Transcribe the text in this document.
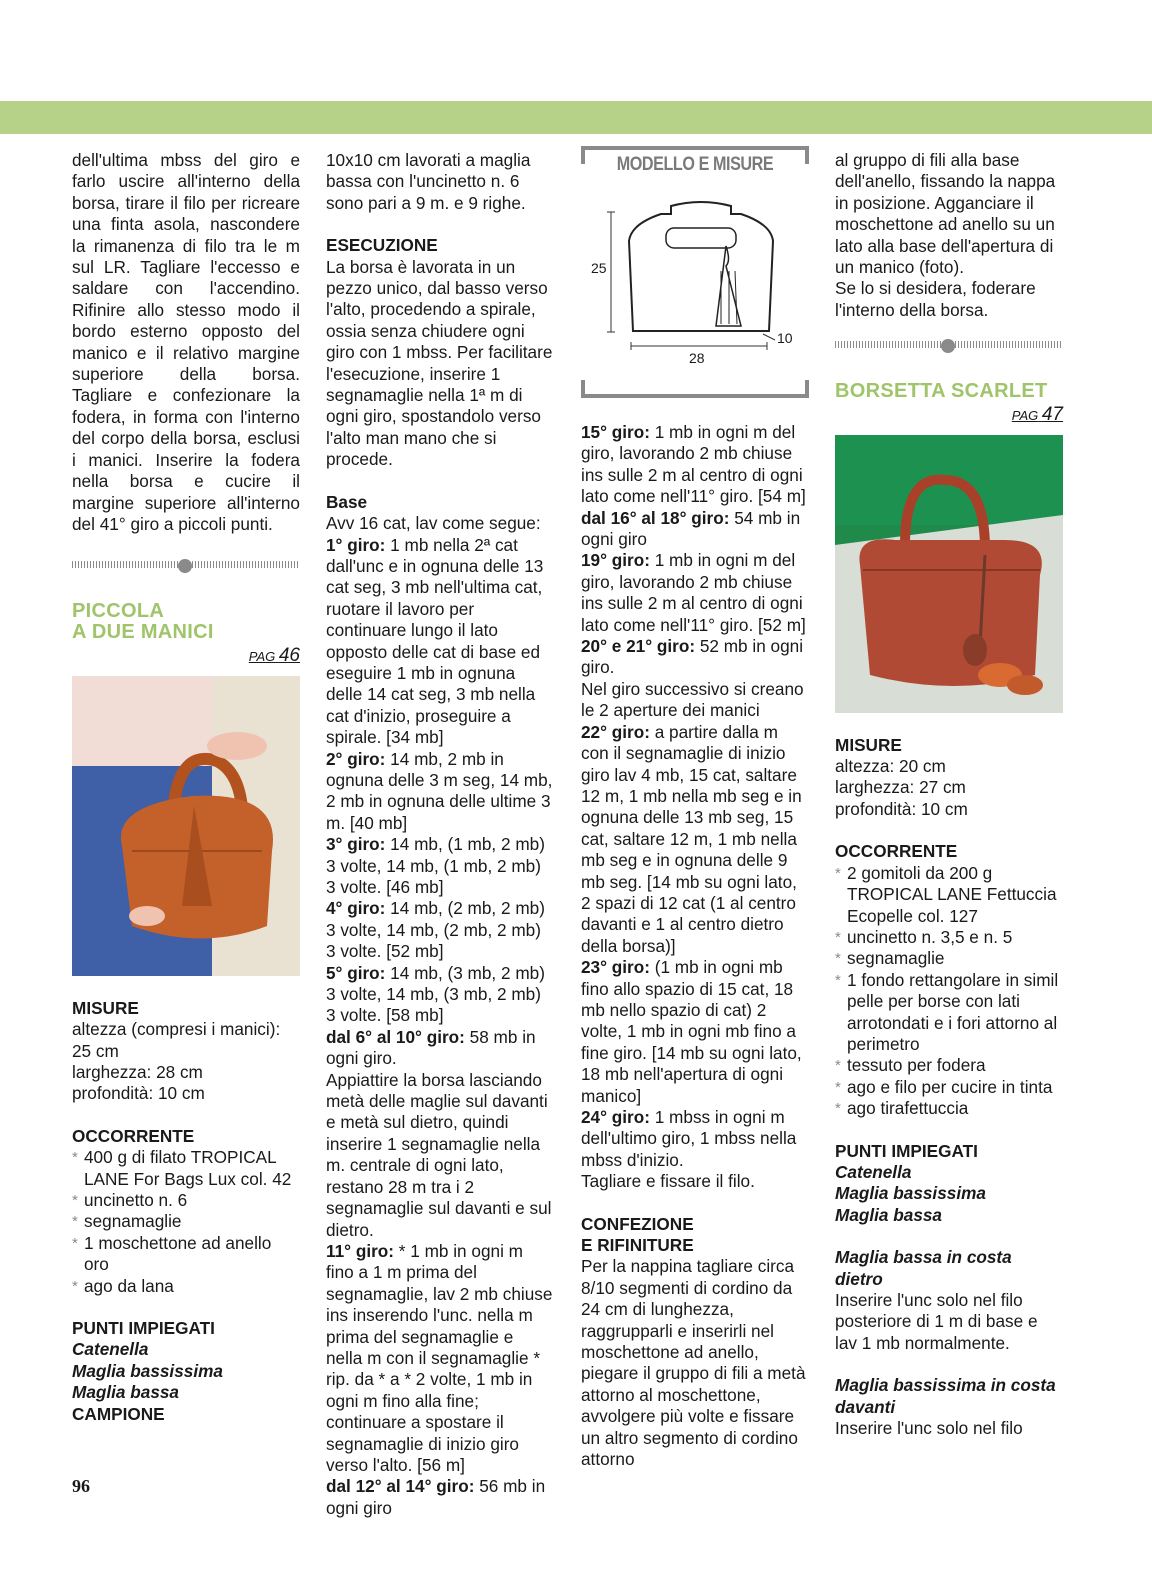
dell'ultima mbss del giro e farlo uscire all'interno della borsa, tirare il filo per ricreare una finta asola, nascondere la rimanenza di filo tra le m sul LR. Tagliare l'eccesso e saldare con l'accendino. Rifinire allo stesso modo il bordo esterno opposto del manico e il relativo margine superiore della borsa. Tagliare e confezionare la fodera, in forma con l'interno del corpo della borsa, esclusi i manici. Inserire la fodera nella borsa e cucire il margine superiore all'interno del 41° giro a piccoli punti.

PICCOLA
A DUE MANICI
PAG 46
MISURE

altezza (compresi i manici): 25 cm

larghezza: 28 cm

profondità: 10 cm

OCCORRENTE
* 400 g di filato TROPICAL LANE For Bags Lux col. 42
* uncinetto n. 6
* segnamaglie
* 1 moschettone ad anello oro
* ago da lana
PUNTI IMPIEGATI

Catenella

Maglia bassissima

Maglia bassa

CAMPIONE

10x10 cm lavorati a maglia bassa con l'uncinetto n. 6 sono pari a 9 m. e 9 righe.

ESECUZIONE

La borsa è lavorata in un pezzo unico, dal basso verso l'alto, procedendo a spirale, ossia senza chiudere ogni giro con 1 mbss. Per facilitare l'esecuzione, inserire 1 segnamaglie nella 1ª m di ogni giro, spostandolo verso l'alto man mano che si procede.

Base

Avv 16 cat, lav come segue:

1° giro: 1 mb nella 2ª cat dall'unc e in ognuna delle 13 cat seg, 3 mb nell'ultima cat, ruotare il lavoro per continuare lungo il lato opposto delle cat di base ed eseguire 1 mb in ognuna delle 14 cat seg, 3 mb nella cat d'inizio, proseguire a spirale. [34 mb]

2° giro: 14 mb, 2 mb in ognuna delle 3 m seg, 14 mb, 2 mb in ognuna delle ultime 3 m. [40 mb]

3° giro: 14 mb, (1 mb, 2 mb) 3 volte, 14 mb, (1 mb, 2 mb) 3 volte. [46 mb]

4° giro: 14 mb, (2 mb, 2 mb) 3 volte, 14 mb, (2 mb, 2 mb) 3 volte. [52 mb]

5° giro: 14 mb, (3 mb, 2 mb) 3 volte, 14 mb, (3 mb, 2 mb) 3 volte. [58 mb]

dal 6° al 10° giro: 58 mb in ogni giro.

Appiattire la borsa lasciando metà delle maglie sul davanti e metà sul dietro, quindi inserire 1 segnamaglie nella m. centrale di ogni lato, restano 28 m tra i 2 segnamaglie sul davanti e sul dietro.

11° giro: * 1 mb in ogni m fino a 1 m prima del segnamaglie, lav 2 mb chiuse ins inserendo l'unc. nella m prima del segnamaglie e nella m con il segnamaglie * rip. da * a * 2 volte, 1 mb in ogni m fino alla fine; continuare a spostare il segnamaglie di inizio giro verso l'alto. [56 m]

dal 12° al 14° giro: 56 mb in ogni giro

MODELLO E MISURE
25
28
10

15° giro: 1 mb in ogni m del giro, lavorando 2 mb chiuse ins sulle 2 m al centro di ogni lato come nell'11° giro. [54 m]

dal 16° al 18° giro: 54 mb in ogni giro

19° giro: 1 mb in ogni m del giro, lavorando 2 mb chiuse ins sulle 2 m al centro di ogni lato come nell'11° giro. [52 m]

20° e 21° giro: 52 mb in ogni giro.

Nel giro successivo si creano le 2 aperture dei manici

22° giro: a partire dalla m con il segnamaglie di inizio giro lav 4 mb, 15 cat, saltare 12 m, 1 mb nella mb seg e in ognuna delle 13 mb seg, 15 cat, saltare 12 m, 1 mb nella mb seg e in ognuna delle 9 mb seg. [14 mb su ogni lato, 2 spazi di 12 cat (1 al centro davanti e 1 al centro dietro della borsa)]

23° giro: (1 mb in ogni mb fino allo spazio di 15 cat, 18 mb nello spazio di cat) 2 volte, 1 mb in ogni mb fino a fine giro. [14 mb su ogni lato, 18 mb nell'apertura di ogni manico]

24° giro: 1 mbss in ogni m dell'ultimo giro, 1 mbss nella mbss d'inizio.

Tagliare e fissare il filo.

CONFEZIONE
E RIFINITURE

Per la nappina tagliare circa 8/10 segmenti di cordino da 24 cm di lunghezza, raggrupparli e inserirli nel moschettone ad anello, piegare il gruppo di fili a metà attorno al moschettone, avvolgere più volte e fissare un altro segmento di cordino attorno

al gruppo di fili alla base dell'anello, fissando la nappa in posizione. Agganciare il moschettone ad anello su un lato alla base dell'apertura di un manico (foto).

Se lo si desidera, foderare l'interno della borsa.

BORSETTA SCARLET
PAG 47
MISURE

altezza: 20 cm

larghezza: 27 cm

profondità: 10 cm

OCCORRENTE
* 2 gomitoli da 200 g TROPICAL LANE Fettuccia Ecopelle col. 127
* uncinetto n. 3,5 e n. 5
* segnamaglie
* 1 fondo rettangolare in simil pelle per borse con lati arrotondati e i fori attorno al perimetro
* tessuto per fodera
* ago e filo per cucire in tinta
* ago tirafettuccia
PUNTI IMPIEGATI

Catenella

Maglia bassissima

Maglia bassa

Maglia bassa in costa dietro

Inserire l'unc solo nel filo posteriore di 1 m di base e lav 1 mb normalmente.

Maglia bassissima in costa davanti

Inserire l'unc solo nel filo

96
